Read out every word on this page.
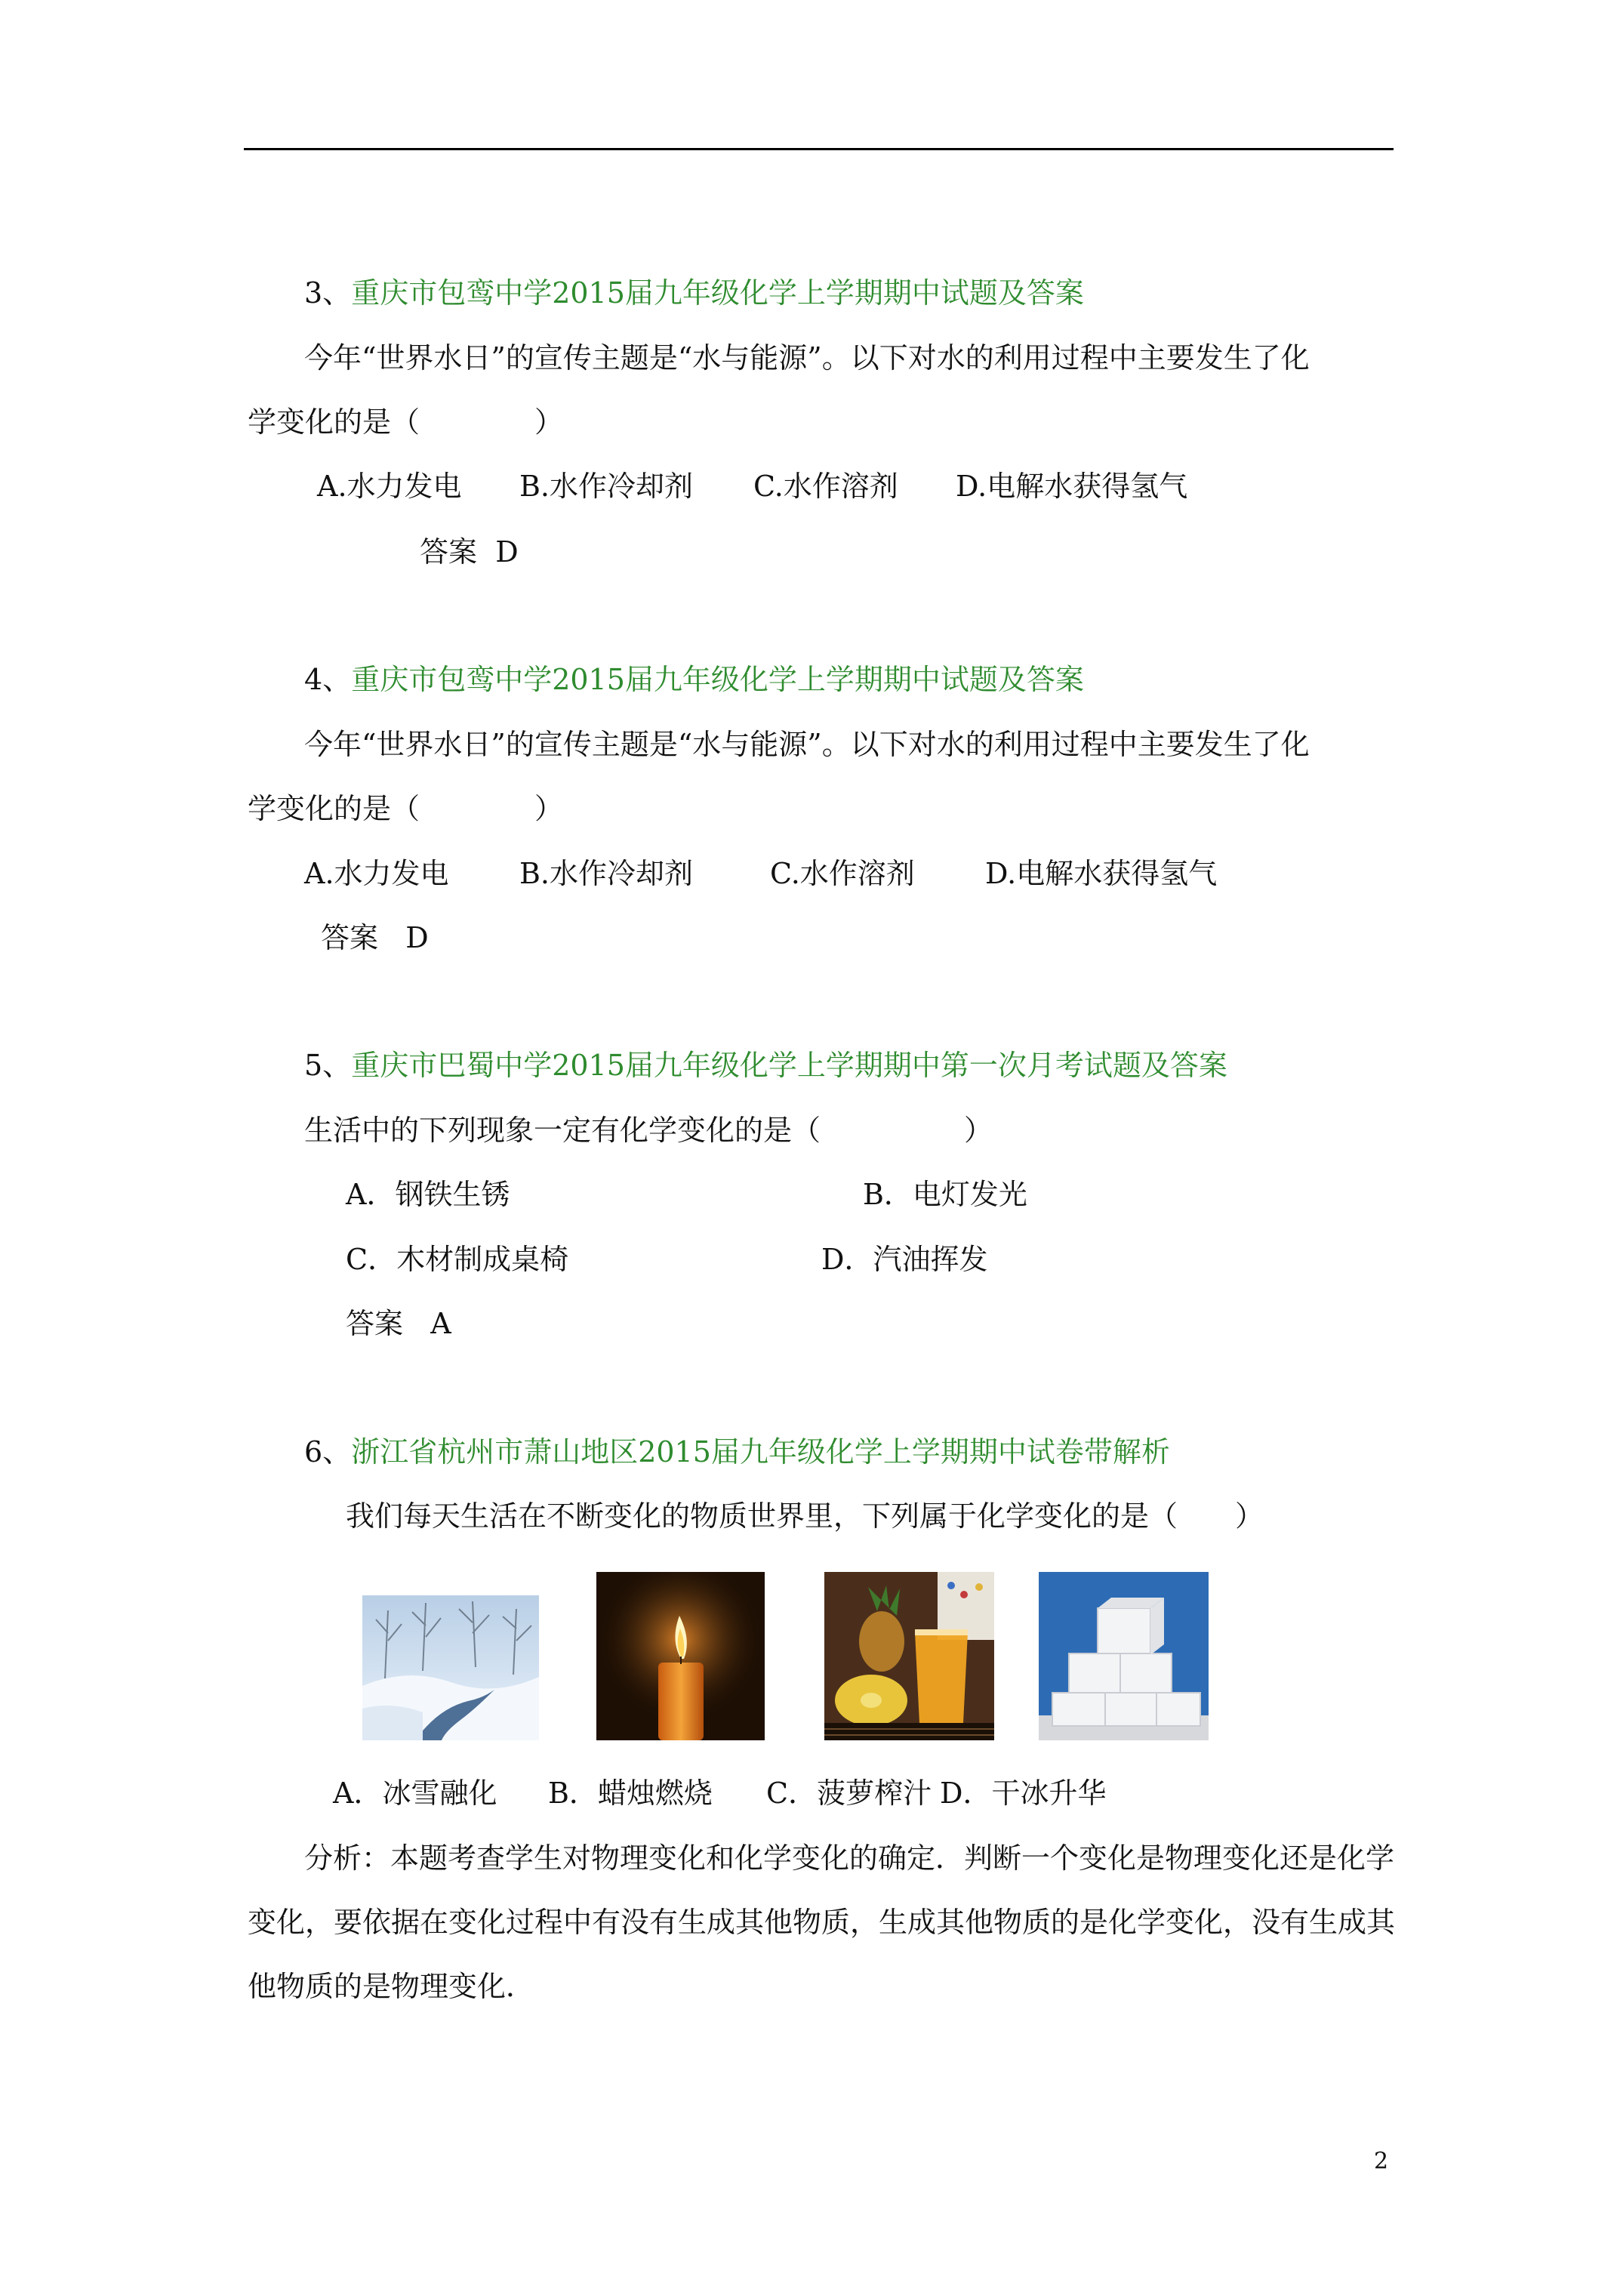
3、重庆市包鸾中学2015届九年级化学上学期期中试题及答案
今年“世界水日”的宣传主题是“水与能源”。以下对水的利用过程中主要发生了化
学变化的是（　　　　）
A.水力发电 B.水作冷却剂 C.水作溶剂 D.电解水获得氢气
答案 D
4、重庆市包鸾中学2015届九年级化学上学期期中试题及答案
今年“世界水日”的宣传主题是“水与能源”。以下对水的利用过程中主要发生了化
学变化的是（　　　　）
A.水力发电 B.水作冷却剂	C.水作溶剂 D.电解水获得氢气
答案 D
5、重庆市巴蜀中学2015届九年级化学上学期期中第一次月考试题及答案
生活中的下列现象一定有化学变化的是（　　　　　）
A．钢铁生锈	B．电灯发光
C．木材制成桌椅	D．汽油挥发
答案 A
6、浙江省杭州市萧山地区2015届九年级化学上学期期中试卷带解析
我们每天生活在不断变化的物质世界里，下列属于化学变化的是（　　）
A．冰雪融化 B．蜡烛燃烧 C．菠萝榨汁 D．干冰升华
分析：本题考查学生对物理变化和化学变化的确定．判断一个变化是物理变化还是化学
变化，要依据在变化过程中有没有生成其他物质，生成其他物质的是化学变化，没有生成其
他物质的是物理变化．
2
